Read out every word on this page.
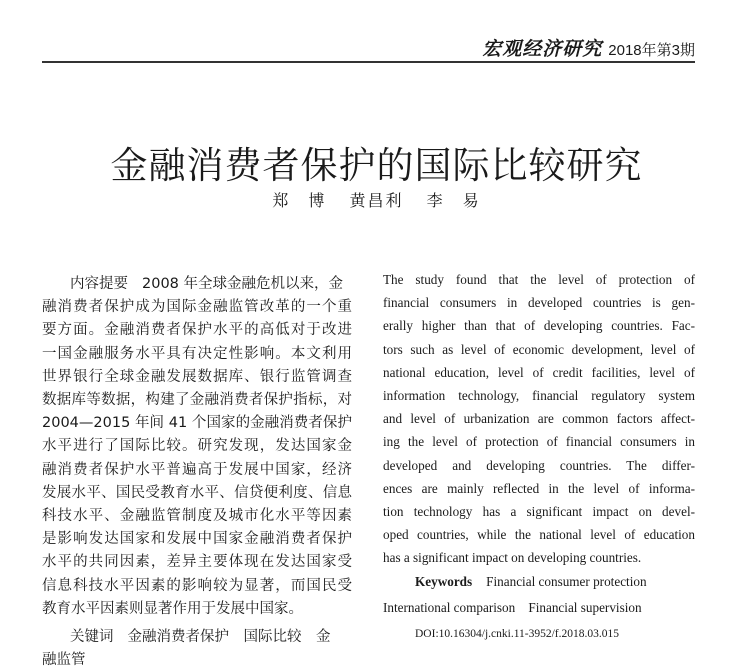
宏观经济研究 2018年第3期
金融消费者保护的国际比较研究
郑　博 黄昌利 李　易
内容提要 2008 年全球金融危机以来，金
融消费者保护成为国际金融监管改革的一个重
要方面。金融消费者保护水平的高低对于改进
一国金融服务水平具有决定性影响。本文利用
世界银行全球金融发展数据库、银行监管调查
数据库等数据，构建了金融消费者保护指标，对
2004—2015 年间 41 个国家的金融消费者保护
水平进行了国际比较。研究发现，发达国家金
融消费者保护水平普遍高于发展中国家，经济
发展水平、国民受教育水平、信贷便利度、信息
科技水平、金融监管制度及城市化水平等因素
是影响发达国家和发展中国家金融消费者保护
水平的共同因素，差异主要体现在发达国家受
信息科技水平因素的影响较为显著，而国民受
教育水平因素则显著作用于发展中国家。
关键词 金融消费者保护　国际比较　金
融监管
The study found that the level of protection of
financial consumers in developed countries is gen-
erally higher than that of developing countries. Fac-
tors such as level of economic development, level of
national education, level of credit facilities, level of
information technology, financial regulatory system
and level of urbanization are common factors affect-
ing the level of protection of financial consumers in
developed and developing countries. The differ-
ences are mainly reflected in the level of informa-
tion technology has a significant impact on devel-
oped countries, while the national level of education
has a significant impact on developing countries.
Keywords Financial consumer protection
International comparison　Financial supervision
DOI:10.16304/j.cnki.11-3952/f.2018.03.015
